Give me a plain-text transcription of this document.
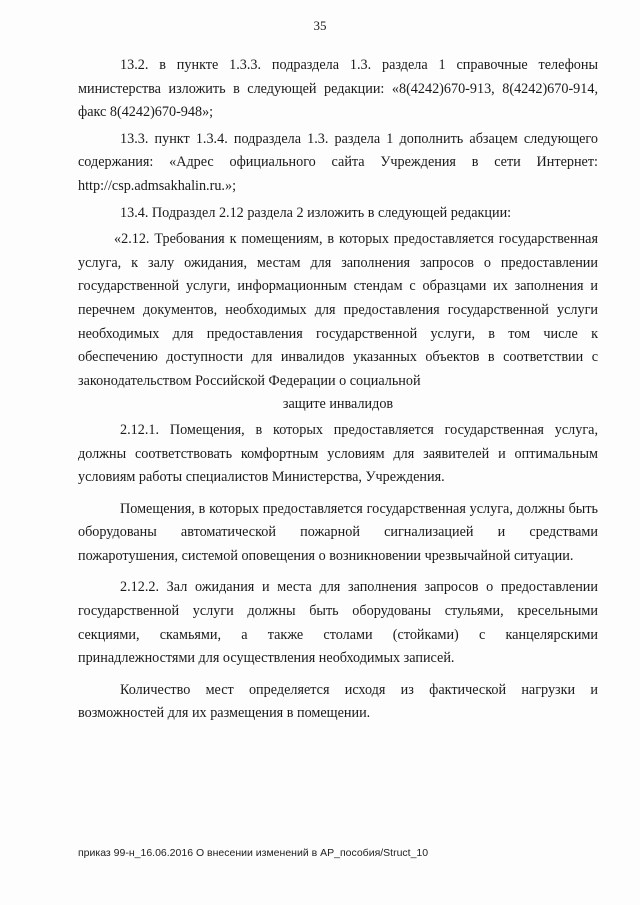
35

13.2. в пункте 1.3.3. подраздела 1.3. раздела 1 справочные телефоны министерства изложить в следующей редакции: «8(4242)670-913, 8(4242)670-914, факс 8(4242)670-948»;

13.3. пункт 1.3.4. подраздела 1.3. раздела 1 дополнить абзацем следующего содержания: «Адрес официального сайта Учреждения в сети Интернет: http://csp.admsakhalin.ru.»;

13.4. Подраздел 2.12 раздела 2 изложить в следующей редакции:

«2.12. Требования к помещениям, в которых предоставляется государственная услуга, к залу ожидания, местам для заполнения запросов о предоставлении государственной услуги, информационным стендам с образцами их заполнения и перечнем документов, необходимых для предоставления государственной услуги необходимых для предоставления государственной услуги, в том числе к обеспечению доступности для инвалидов указанных объектов в соответствии с законодательством Российской Федерации о социальной

защите инвалидов

2.12.1. Помещения, в которых предоставляется государственная услуга, должны соответствовать комфортным условиям для заявителей и оптимальным условиям работы специалистов Министерства, Учреждения.

Помещения, в которых предоставляется государственная услуга, должны быть оборудованы автоматической пожарной сигнализацией и средствами пожаротушения, системой оповещения о возникновении чрезвычайной ситуации.

2.12.2. Зал ожидания и места для заполнения запросов о предоставлении государственной услуги должны быть оборудованы стульями, кресельными секциями, скамьями, а также столами (стойками) с канцелярскими принадлежностями для осуществления необходимых записей.

Количество мест определяется исходя из фактической нагрузки и возможностей для их размещения в помещении.

приказ 99-н_16.06.2016 О внесении изменений в АР_пособия/Struct_10
